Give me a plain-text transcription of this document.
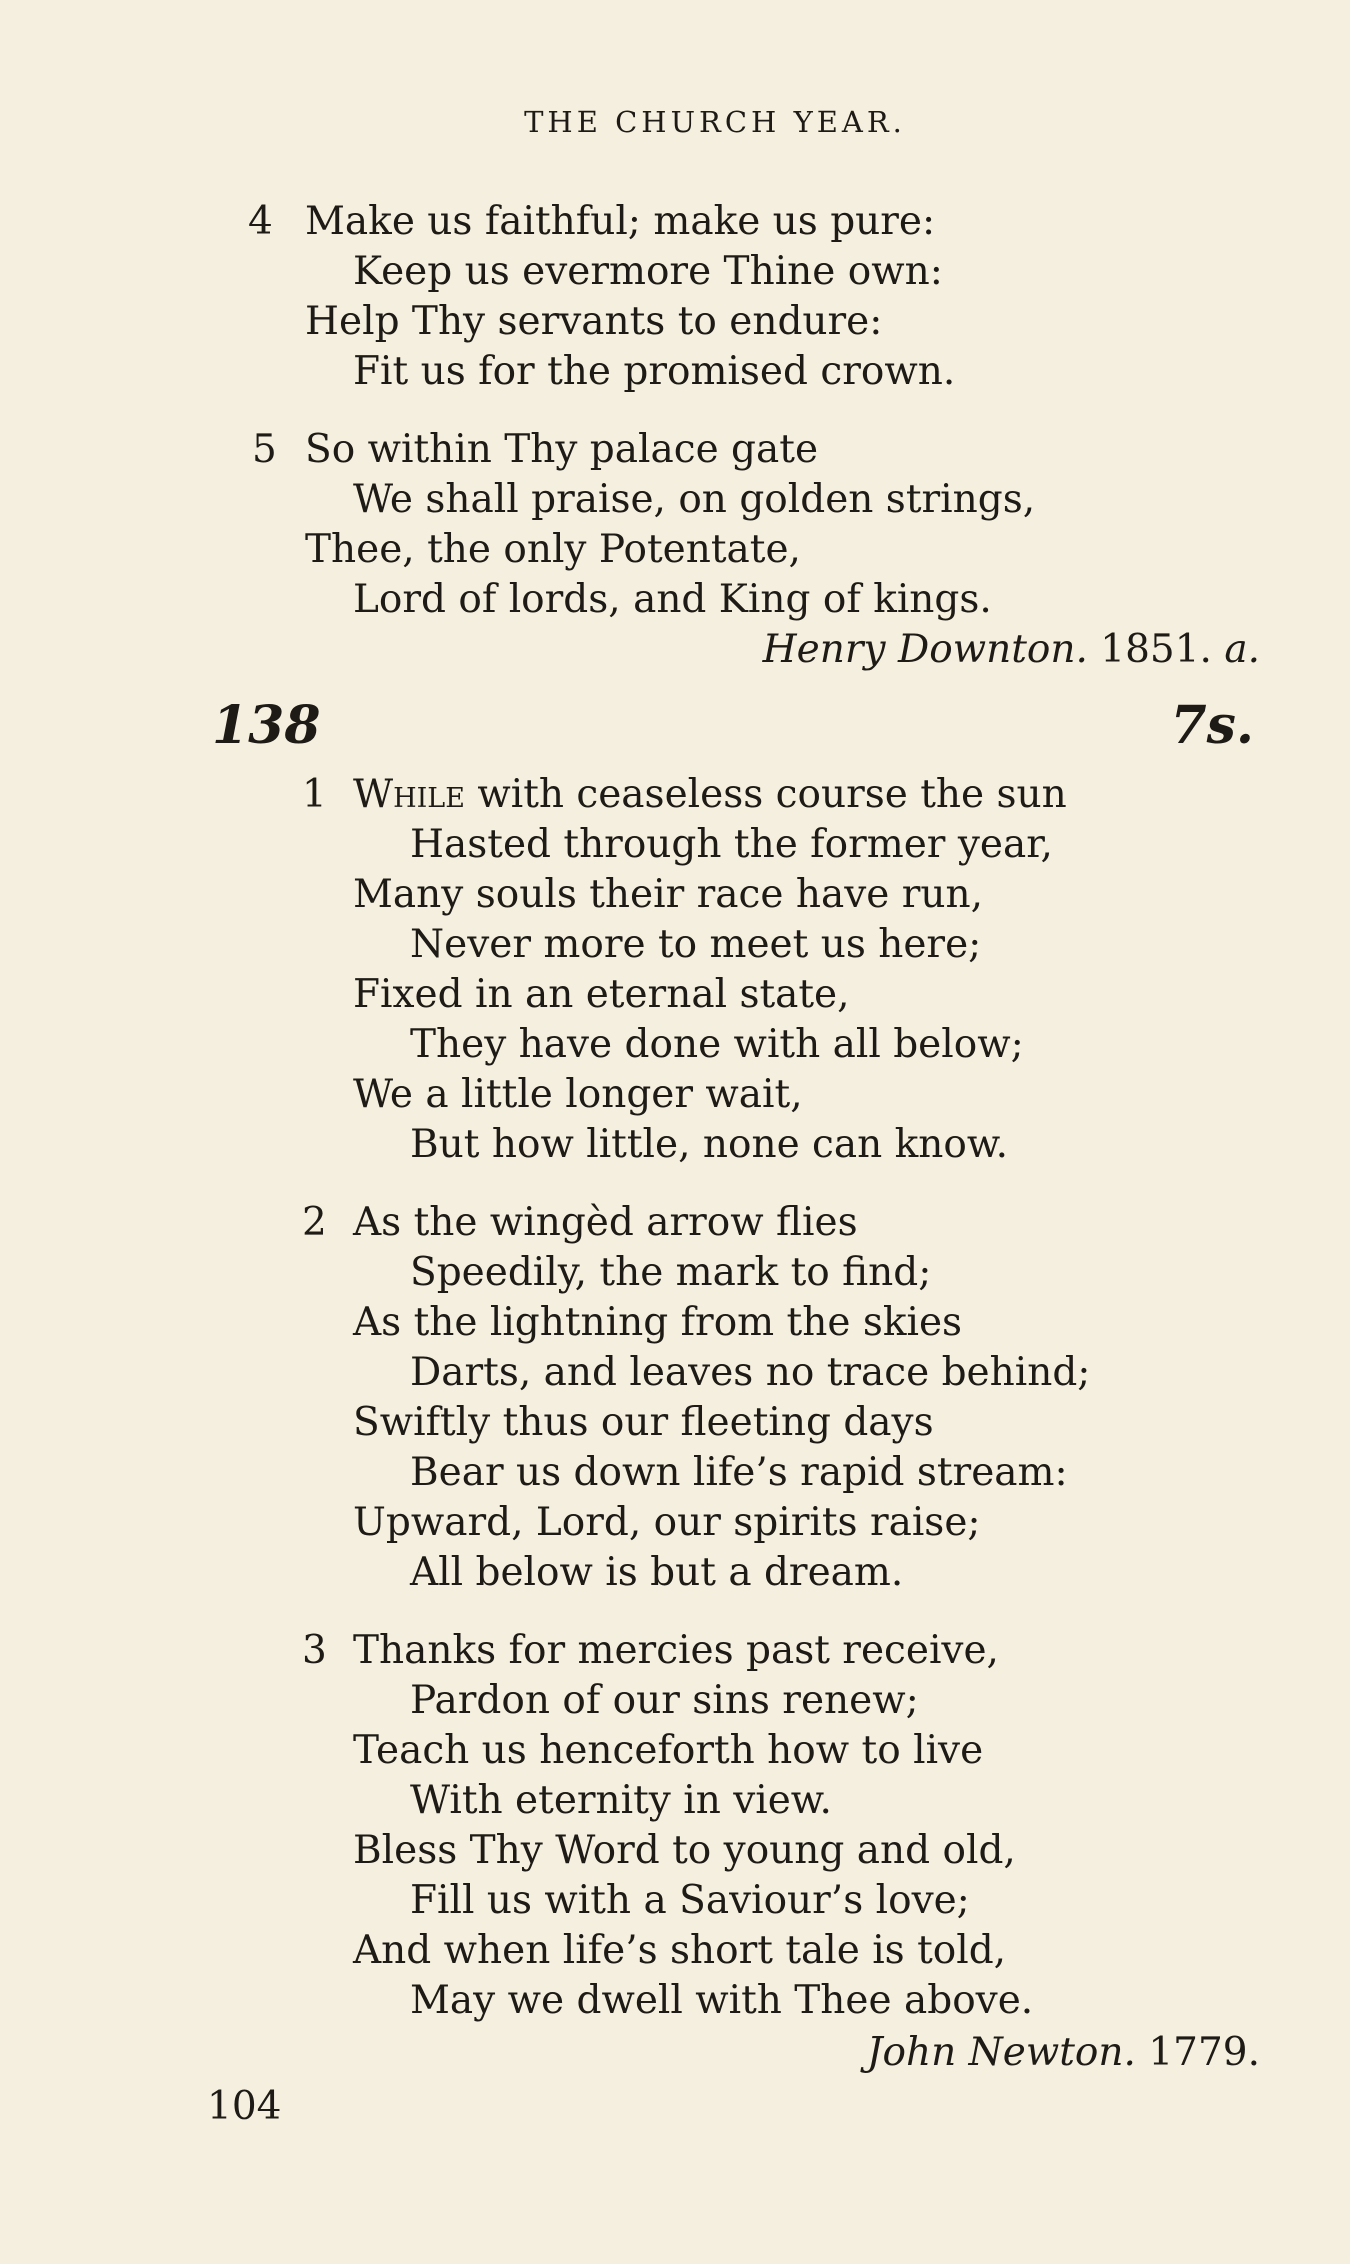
THE CHURCH YEAR.
4 Make us faithful; make us pure:
Keep us evermore Thine own:
Help Thy servants to endure:
Fit us for the promised crown.
5 So within Thy palace gate
We shall praise, on golden strings,
Thee, the only Potentate,
Lord of lords, and King of kings.
Henry Downton. 1851. a.
138	7s.
1 While with ceaseless course the sun
Hasted through the former year,
Many souls their race have run,
Never more to meet us here;
Fixed in an eternal state,
They have done with all below;
We a little longer wait,
But how little, none can know.
2 As the wingèd arrow flies
Speedily, the mark to find;
As the lightning from the skies
Darts, and leaves no trace behind;
Swiftly thus our fleeting days
Bear us down life’s rapid stream:
Upward, Lord, our spirits raise;
All below is but a dream.
3 Thanks for mercies past receive,
Pardon of our sins renew;
Teach us henceforth how to live
With eternity in view.
Bless Thy Word to young and old,
Fill us with a Saviour’s love;
And when life’s short tale is told,
May we dwell with Thee above.
John Newton. 1779.
104
